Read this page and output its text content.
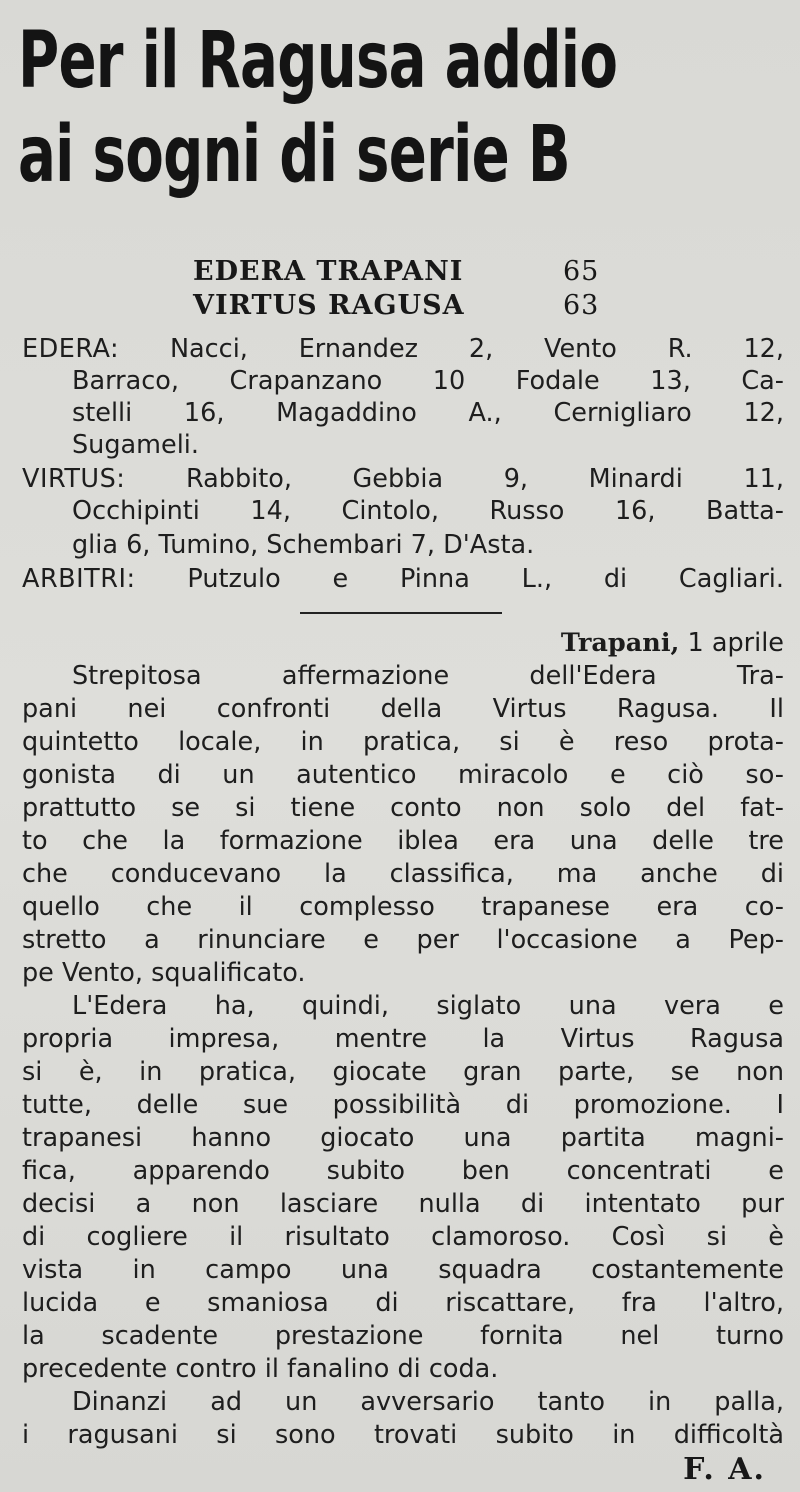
Per il Ragusa addio
ai sogni di serie B
EDERA TRAPANI	65
VIRTUS RAGUSA	63
EDERA: Nacci, Ernandez 2, Vento R. 12,
Barraco, Crapanzano 10 Fodale 13, Ca-
stelli 16, Magaddino A., Cernigliaro 12,
Sugameli.
VIRTUS: Rabbito, Gebbia 9, Minardi 11,
Occhipinti 14, Cintolo, Russo 16, Batta-
glia 6, Tumino, Schembari 7, D'Asta.
ARBITRI: Putzulo e Pinna L., di Cagliari.
Trapani, 1 aprile
Strepitosa affermazione dell'Edera Tra-
pani nei confronti della Virtus Ragusa. Il
quintetto locale, in pratica, si è reso prota-
gonista di un autentico miracolo e ciò so-
prattutto se si tiene conto non solo del fat-
to che la formazione iblea era una delle tre
che conducevano la classifica, ma anche di
quello che il complesso trapanese era co-
stretto a rinunciare e per l'occasione a Pep-
pe Vento, squalificato.
L'Edera ha, quindi, siglato una vera e
propria impresa, mentre la Virtus Ragusa
si è, in pratica, giocate gran parte, se non
tutte, delle sue possibilità di promozione. I
trapanesi hanno giocato una partita magni-
fica, apparendo subito ben concentrati e
decisi a non lasciare nulla di intentato pur
di cogliere il risultato clamoroso. Così si è
vista in campo una squadra costantemente
lucida e smaniosa di riscattare, fra l'altro,
la scadente prestazione fornita nel turno
precedente contro il fanalino di coda.
Dinanzi ad un avversario tanto in palla,
i ragusani si sono trovati subito in difficoltà
F. A.
